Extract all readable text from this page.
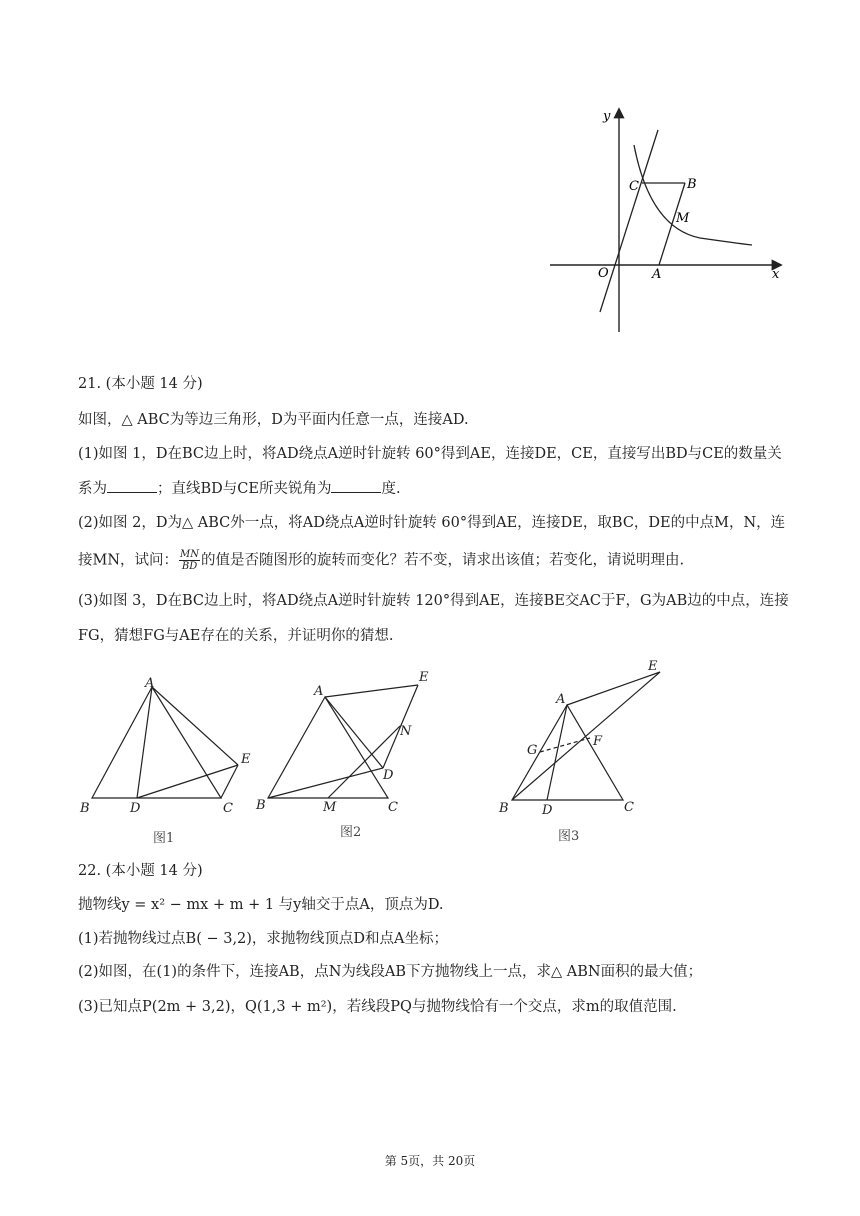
y
x
O	A
C	B
M
21. (本小题 14 分)
如图，△ ABC为等边三角形，D为平面内任意一点，连接AD.
(1)如图 1，D在BC边上时，将AD绕点A逆时针旋转 60°得到AE，连接DE，CE，直接写出BD与CE的数量关
系为	；直线BD与CE所夹锐角为	度.
(2)如图 2，D为△ ABC外一点，将AD绕点A逆时针旋转 60°得到AE，连接DE，取BC，DE的中点M，N，连
接MN，试问： $\frac{MN}{BD}$ 的值是否随图形的旋转而变化？若不变，请求出该值；若变化，请说明理由.
(3)如图 3，D在BC边上时，将AD绕点A逆时针旋转 120°得到AE，连接BE交AC于F，G为AB边的中点，连接
FG，猜想FG与AE存在的关系，并证明你的猜想.
A
B	D	C
E
图1
A
E
N
D
B	M	C
图2
A
E
G
F
B	D	C
图3
22. (本小题 14 分)
抛物线y = x² − mx + m + 1 与y轴交于点A，顶点为D.
(1)若抛物线过点B( − 3,2)，求抛物线顶点D和点A坐标；
(2)如图，在(1)的条件下，连接AB，点N为线段AB下方抛物线上一点，求△ ABN面积的最大值；
(3)已知点P(2m + 3,2)，Q(1,3 + m²)，若线段PQ与抛物线恰有一个交点，求m的取值范围.
第 5页，共 20页
